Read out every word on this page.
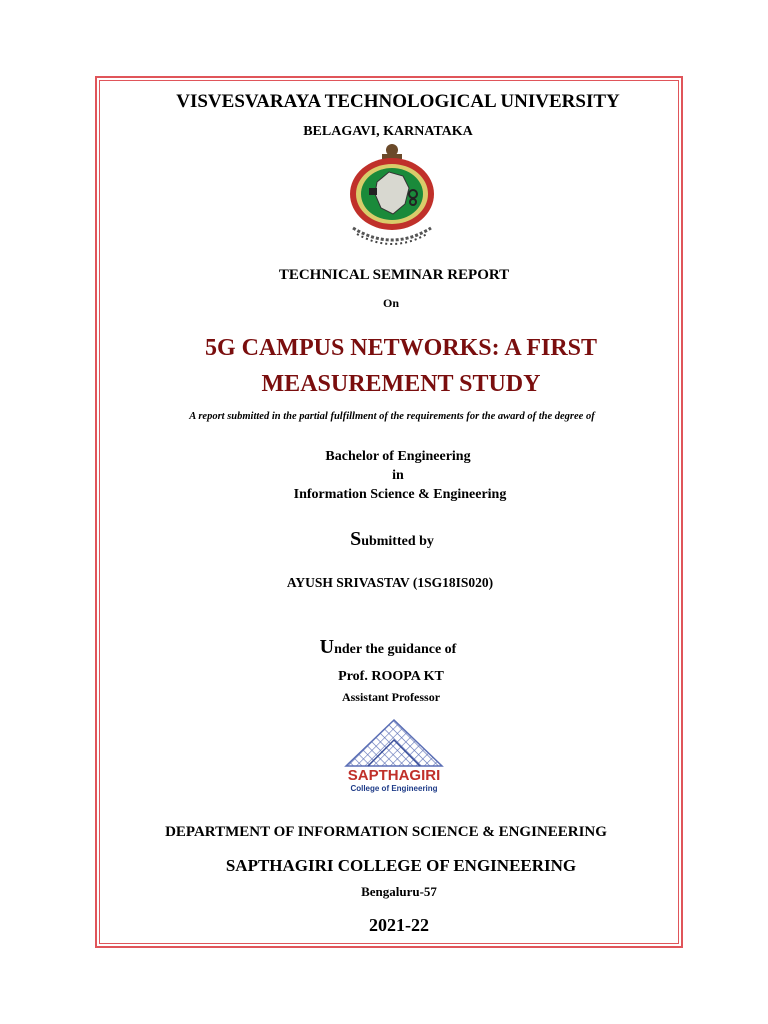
VISVESVARAYA TECHNOLOGICAL UNIVERSITY
BELAGAVI, KARNATAKA
TECHNICAL SEMINAR REPORT
On
5G CAMPUS NETWORKS: A FIRST
MEASUREMENT STUDY
A report submitted in the partial fulfillment of the requirements for the award of the degree of
Bachelor of Engineering
in
Information Science & Engineering
Submitted by
AYUSH SRIVASTAV (1SG18IS020)
Under the guidance of
Prof. ROOPA KT
Assistant Professor
SAPTHAGIRI
College of Engineering
DEPARTMENT OF INFORMATION SCIENCE & ENGINEERING
SAPTHAGIRI COLLEGE OF ENGINEERING
Bengaluru-57
2021-22
